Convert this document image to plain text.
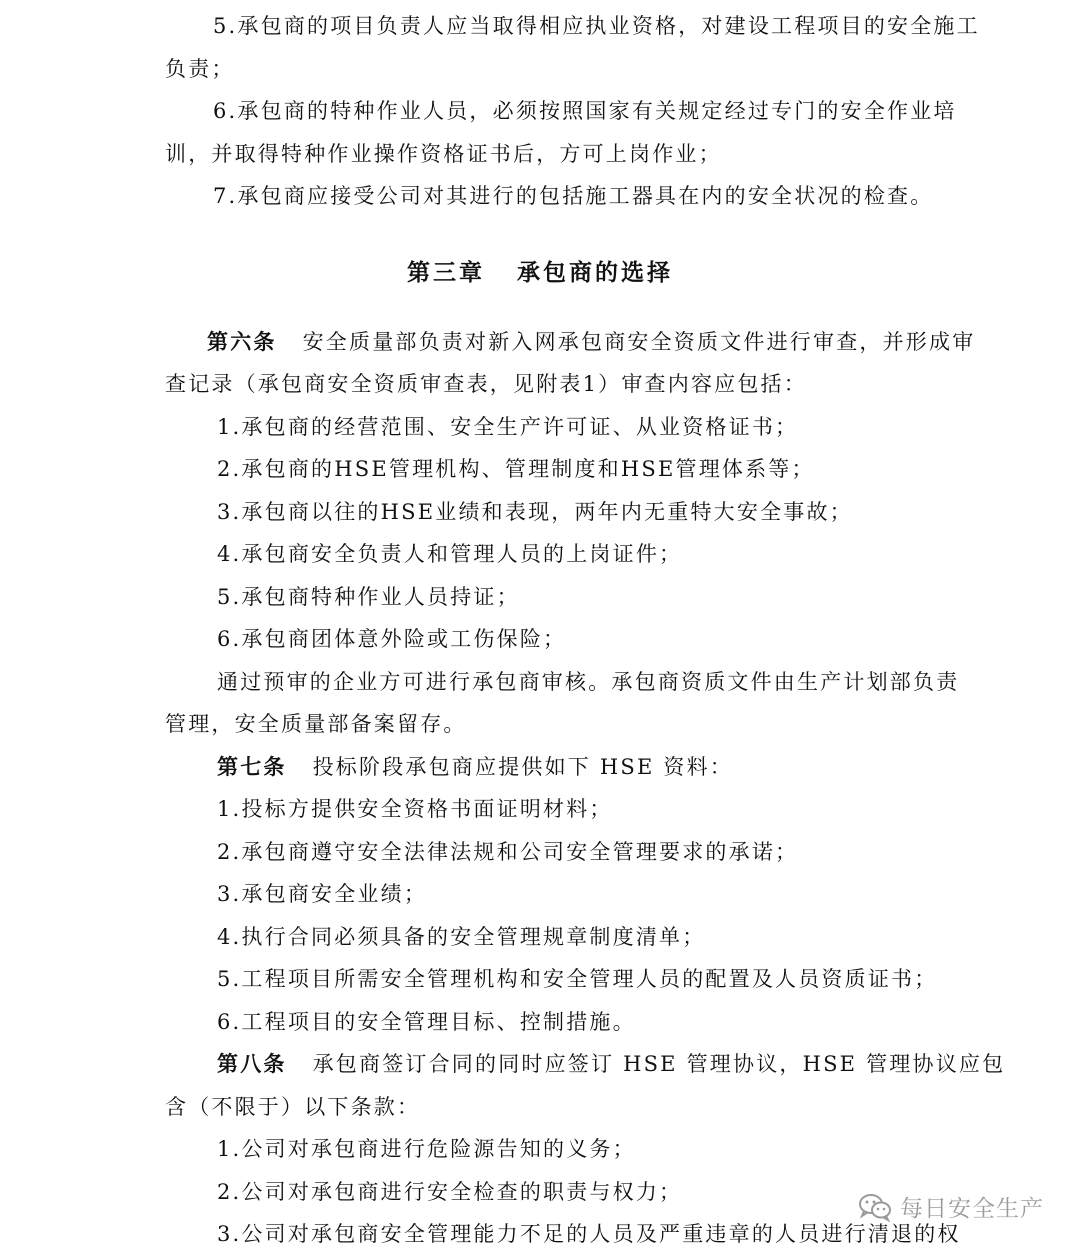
5.承包商的项目负责人应当取得相应执业资格，对建设工程项目的安全施工
负责；
6.承包商的特种作业人员，必须按照国家有关规定经过专门的安全作业培
训，并取得特种作业操作资格证书后，方可上岗作业；
7.承包商应接受公司对其进行的包括施工器具在内的安全状况的检查。
第三章 承包商的选择
第六条 安全质量部负责对新入网承包商安全资质文件进行审查，并形成审
查记录（承包商安全资质审查表，见附表1）审查内容应包括：
1.承包商的经营范围、安全生产许可证、从业资格证书；
2.承包商的HSE管理机构、管理制度和HSE管理体系等；
3.承包商以往的HSE业绩和表现，两年内无重特大安全事故；
4.承包商安全负责人和管理人员的上岗证件；
5.承包商特种作业人员持证；
6.承包商团体意外险或工伤保险；
通过预审的企业方可进行承包商审核。承包商资质文件由生产计划部负责
管理，安全质量部备案留存。
第七条 投标阶段承包商应提供如下 HSE 资料：
1.投标方提供安全资格书面证明材料；
2.承包商遵守安全法律法规和公司安全管理要求的承诺；
3.承包商安全业绩；
4.执行合同必须具备的安全管理规章制度清单；
5.工程项目所需安全管理机构和安全管理人员的配置及人员资质证书；
6.工程项目的安全管理目标、控制措施。
第八条 承包商签订合同的同时应签订 HSE 管理协议，HSE 管理协议应包
含（不限于）以下条款：
1.公司对承包商进行危险源告知的义务；
2.公司对承包商进行安全检查的职责与权力；
3.公司对承包商安全管理能力不足的人员及严重违章的人员进行清退的权
每日安全生产
